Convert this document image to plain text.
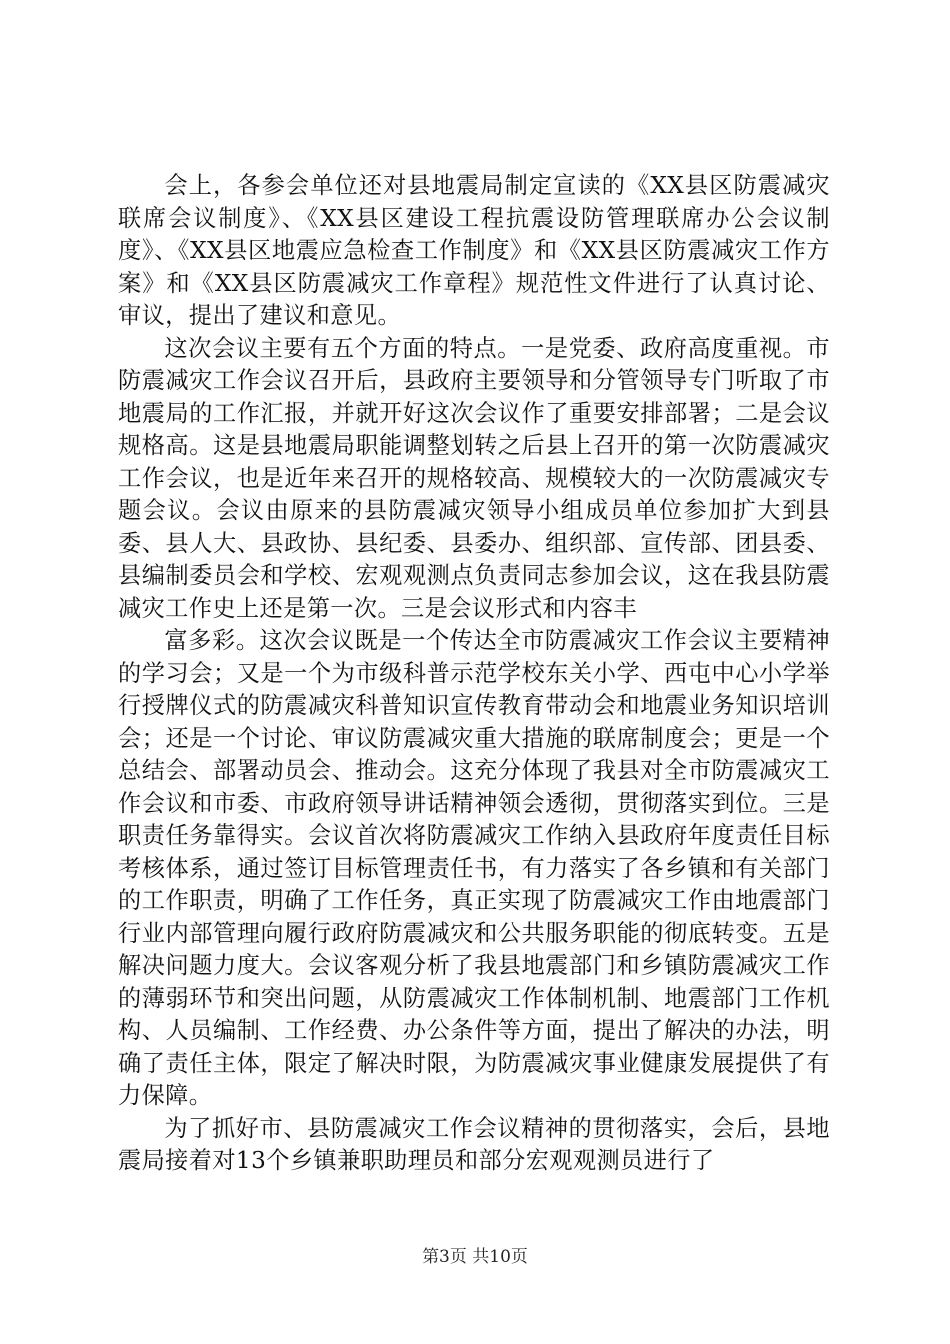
会上，各参会单位还对县地震局制定宣读的《XX县区防震减灾联席会议制度》、《XX县区建设工程抗震设防管理联席办公会议制度》、《XX县区地震应急检查工作制度》和《XX县区防震减灾工作方案》和《XX县区防震减灾工作章程》规范性文件进行了认真讨论、审议，提出了建议和意见。

这次会议主要有五个方面的特点。一是党委、政府高度重视。市防震减灾工作会议召开后，县政府主要领导和分管领导专门听取了市地震局的工作汇报，并就开好这次会议作了重要安排部署；二是会议规格高。这是县地震局职能调整划转之后县上召开的第一次防震减灾工作会议，也是近年来召开的规格较高、规模较大的一次防震减灾专题会议。会议由原来的县防震减灾领导小组成员单位参加扩大到县委、县人大、县政协、县纪委、县委办、组织部、宣传部、团县委、县编制委员会和学校、宏观观测点负责同志参加会议，这在我县防震减灾工作史上还是第一次。三是会议形式和内容丰

富多彩。这次会议既是一个传达全市防震减灾工作会议主要精神的学习会；又是一个为市级科普示范学校东关小学、西屯中心小学举行授牌仪式的防震减灾科普知识宣传教育带动会和地震业务知识培训会；还是一个讨论、审议防震减灾重大措施的联席制度会；更是一个总结会、部署动员会、推动会。这充分体现了我县对全市防震减灾工作会议和市委、市政府领导讲话精神领会透彻，贯彻落实到位。三是职责任务靠得实。会议首次将防震减灾工作纳入县政府年度责任目标考核体系，通过签订目标管理责任书，有力落实了各乡镇和有关部门的工作职责，明确了工作任务，真正实现了防震减灾工作由地震部门行业内部管理向履行政府防震减灾和公共服务职能的彻底转变。五是解决问题力度大。会议客观分析了我县地震部门和乡镇防震减灾工作的薄弱环节和突出问题，从防震减灾工作体制机制、地震部门工作机构、人员编制、工作经费、办公条件等方面，提出了解决的办法，明确了责任主体，限定了解决时限，为防震减灾事业健康发展提供了有力保障。

为了抓好市、县防震减灾工作会议精神的贯彻落实，会后，县地震局接着对13个乡镇兼职助理员和部分宏观观测员进行了

第3页 共10页
